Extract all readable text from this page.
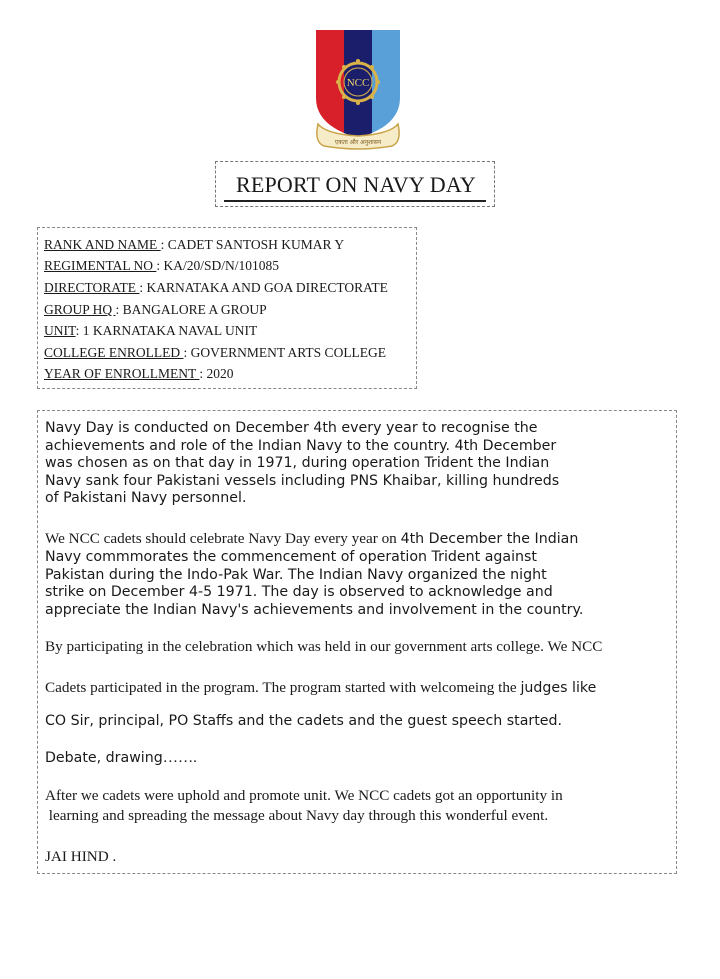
NCC
एकता और अनुशासन
REPORT ON NAVY DAY
RANK AND NAME : CADET SANTOSH KUMAR Y
REGIMENTAL NO : KA/20/SD/N/101085
DIRECTORATE : KARNATAKA AND GOA DIRECTORATE
GROUP HQ : BANGALORE A GROUP
UNIT: 1 KARNATAKA NAVAL UNIT
COLLEGE ENROLLED : GOVERNMENT ARTS COLLEGE
YEAR OF ENROLLMENT : 2020
Navy Day is conducted on December 4th every year to recognise the
achievements and role of the Indian Navy to the country. 4th December
was chosen as on that day in 1971, during operation Trident the Indian
Navy sank four Pakistani vessels including PNS Khaibar, killing hundreds
of Pakistani Navy personnel.
We NCC cadets should celebrate Navy Day every year on 4th December the Indian
Navy commmorates the commencement of operation Trident against
Pakistan during the Indo-Pak War. The Indian Navy organized the night
strike on December 4-5 1971. The day is observed to acknowledge and
appreciate the Indian Navy's achievements and involvement in the country.
By participating in the celebration which was held in our government arts college. We NCC
Cadets participated in the program. The program started with welcomeing the judges like
CO Sir, principal, PO Staffs and the cadets and the guest speech started.
Debate, drawing…….
After we cadets were uphold and promote unit. We NCC cadets got an opportunity in
learning and spreading the message about Navy day through this wonderful event.
JAI HIND .
